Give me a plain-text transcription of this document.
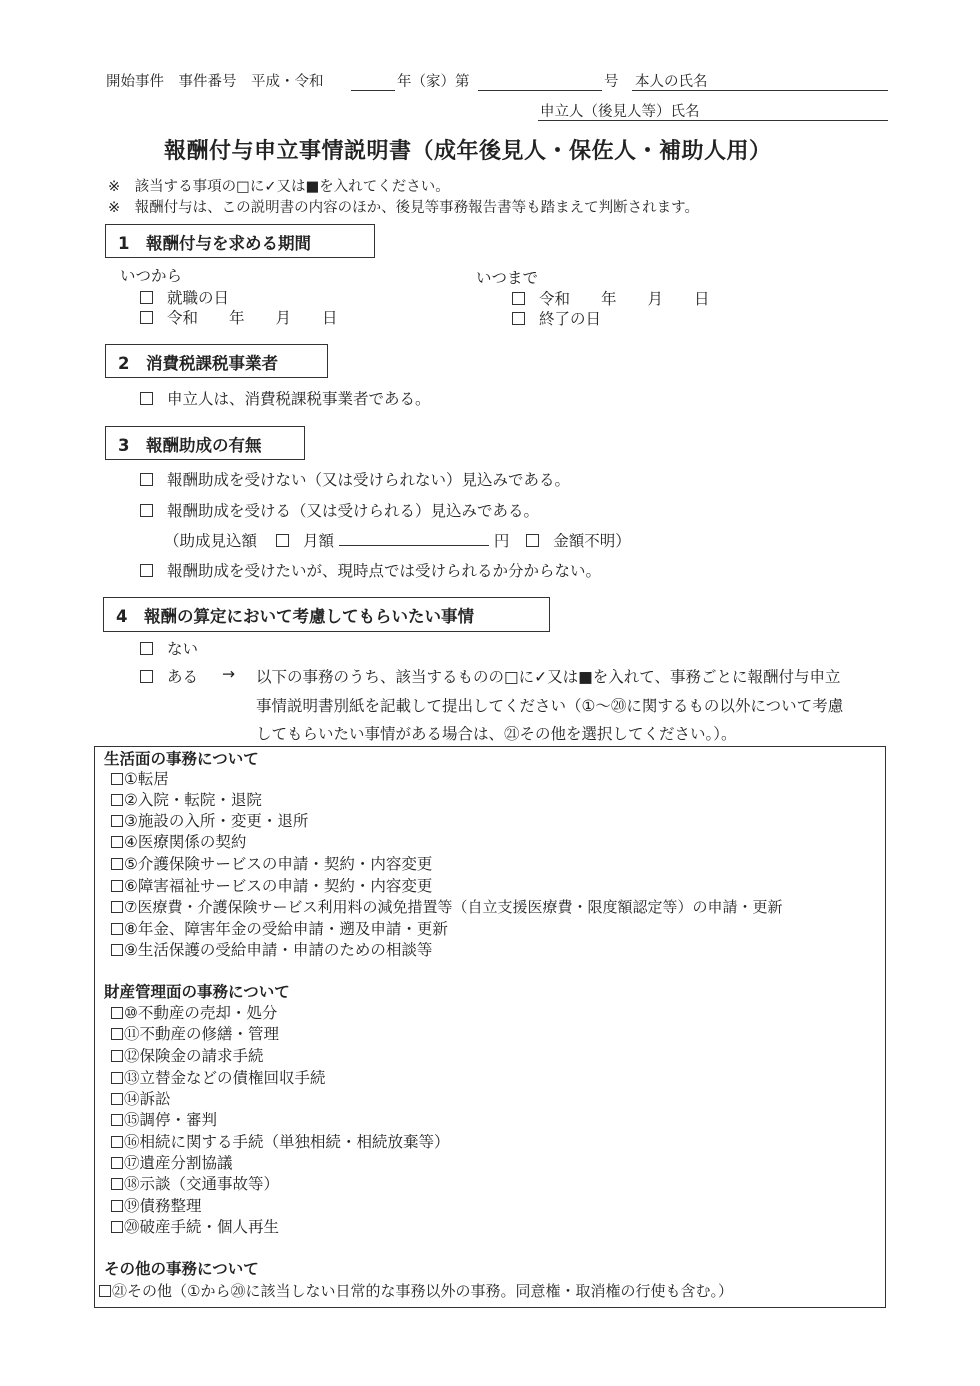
開始事件　事件番号　平成・令和	年（家）第	号 本人の氏名
申立人（後見人等）氏名
報酬付与申立事情説明書（成年後見人・保佐人・補助人用）
※　該当する事項の□に✓又は■を入れてください。
※　報酬付与は、この説明書の内容のほか、後見等事務報告書等も踏まえて判断されます。
1　報酬付与を求める期間
いつから
就職の日
令和　　年　　月　　日
いつまで
令和　　年　　月　　日
終了の日
2　消費税課税事業者
申立人は、消費税課税事業者である。
3　報酬助成の有無
報酬助成を受けない（又は受けられない）見込みである。
報酬助成を受ける（又は受けられる）見込みである。
（助成見込額	月額	円	金額不明）
報酬助成を受けたいが、現時点では受けられるか分からない。
4　報酬の算定において考慮してもらいたい事情
ない
ある → 以下の事務のうち、該当するものの□に✓又は■を入れて、事務ごとに報酬付与申立
事情説明書別紙を記載して提出してください（①～⑳に関するもの以外について考慮
してもらいたい事情がある場合は、㉑その他を選択してください。）。
生活面の事務について
①転居
②入院・転院・退院
③施設の入所・変更・退所
④医療関係の契約
⑤介護保険サービスの申請・契約・内容変更
⑥障害福祉サービスの申請・契約・内容変更
⑦医療費・介護保険サービス利用料の減免措置等（自立支援医療費・限度額認定等）の申請・更新
⑧年金、障害年金の受給申請・遡及申請・更新
⑨生活保護の受給申請・申請のための相談等
財産管理面の事務について
⑩不動産の売却・処分
⑪不動産の修繕・管理
⑫保険金の請求手続
⑬立替金などの債権回収手続
⑭訴訟
⑮調停・審判
⑯相続に関する手続（単独相続・相続放棄等）
⑰遺産分割協議
⑱示談（交通事故等）
⑲債務整理
⑳破産手続・個人再生
その他の事務について
㉑その他（①から⑳に該当しない日常的な事務以外の事務。同意権・取消権の行使も含む。）
